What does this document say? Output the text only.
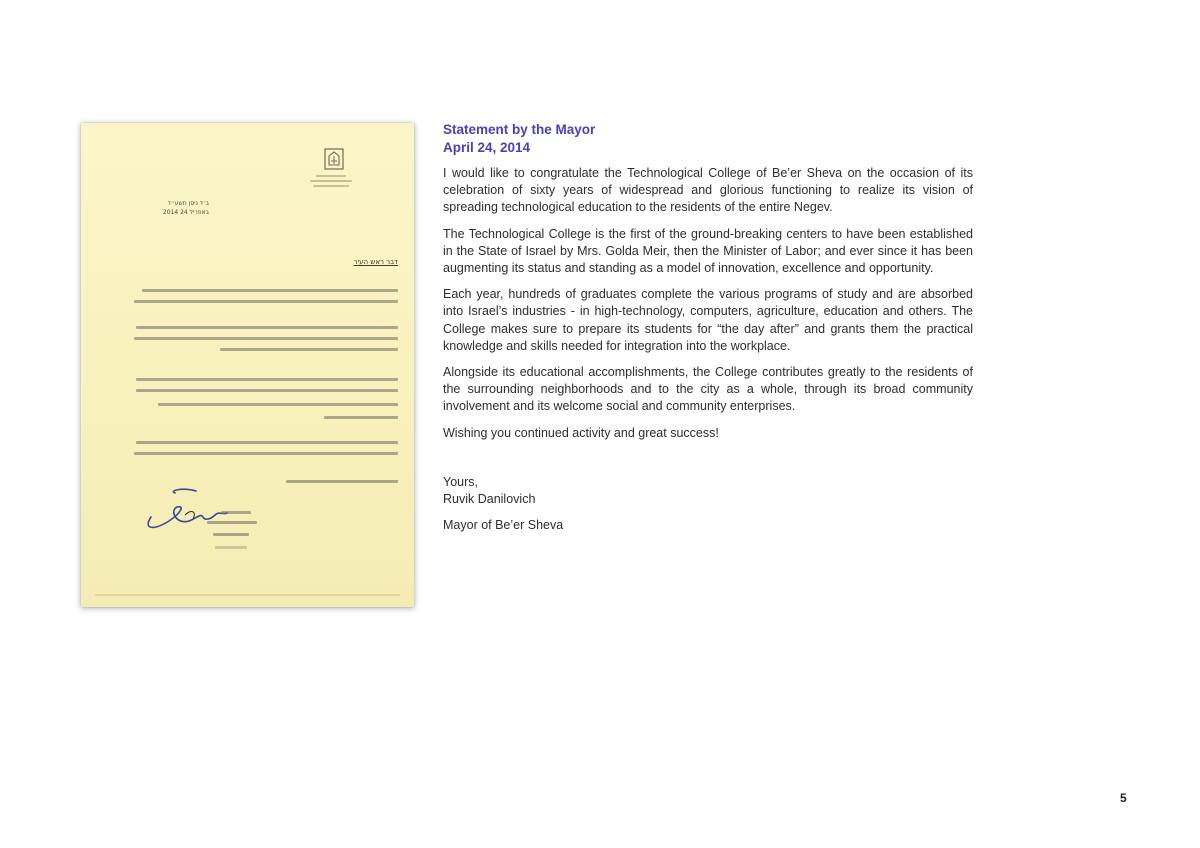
ב׳ד ניסן תשע״ד
2014 באפריל 24
דבר ראש העיר
Statement by the Mayor
April 24, 2014

I would like to congratulate the Technological College of Be’er Sheva on the occasion of its celebration of sixty years of widespread and glorious functioning to realize its vision of spreading technological education to the residents of the entire Negev.

The Technological College is the first of the ground-breaking centers to have been established in the State of Israel by Mrs. Golda Meir, then the Minister of Labor; and ever since it has been augmenting its status and standing as a model of innovation, excellence and opportunity.

Each year, hundreds of graduates complete the various programs of study and are absorbed into Israel’s industries - in high-technology, computers, agriculture, education and others. The College makes sure to prepare its students for “the day after” and grants them the practical knowledge and skills needed for integration into the workplace.

Alongside its educational accomplishments, the College contributes greatly to the residents of the surrounding neighborhoods and to the city as a whole, through its broad community involvement and its welcome social and community enterprises.

Wishing you continued activity and great success!

Yours,

Ruvik Danilovich

Mayor of Be’er Sheva

5
